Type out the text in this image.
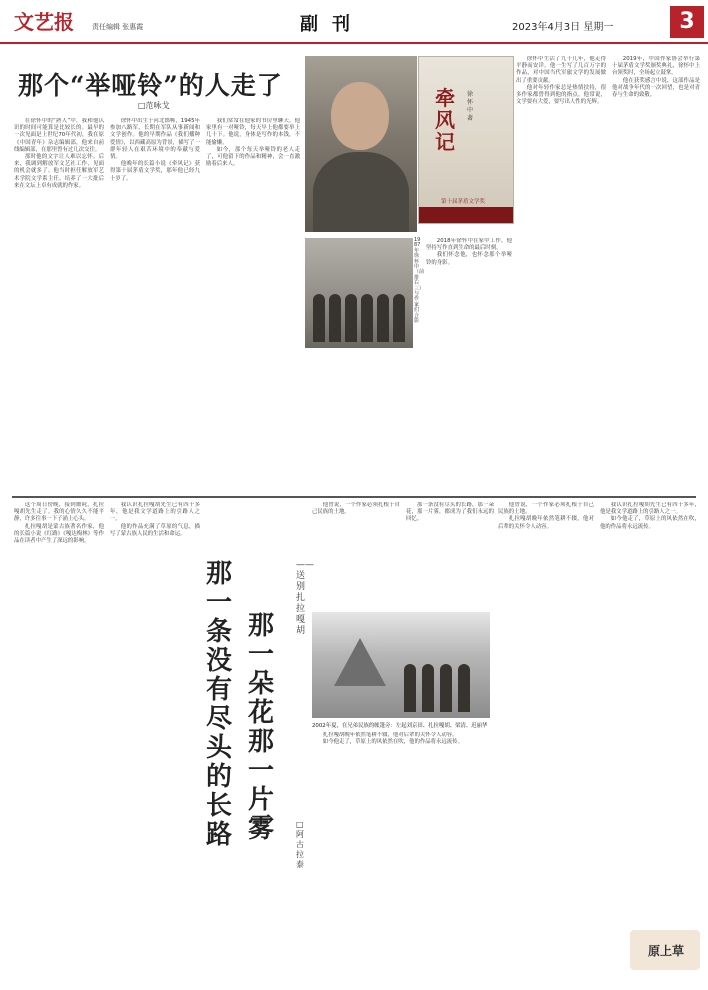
文艺报	责任编辑 张惠霞	副刊	2023年4月3日 星期一	3
那个“举哑铃”的人走了
□范咏戈

在徐怀中的“熟人”中，我和他认识的时间可能算是比较长的。最早的一次见面是上世纪70年代初，我在原《中国青年》杂志编辑部，他来自前线编辑部，在那里曾有过几次交往。

那时他的文字让人难以忘怀。后来，我调到解放军文艺社工作，见面的机会就多了。他当时担任解放军艺术学院文学系主任，培养了一大批后来在文坛上卓有成就的作家。

徐怀中出生于河北邯郸，1945年参加八路军，长期在军队从事新闻和文学创作。他的早期作品《我们播种爱情》，以西藏高原为背景，描写了一群年轻人在艰苦环境中的奉献与爱情。

他晚年的长篇小说《牵风记》获得第十届茅盾文学奖，那年他已经九十岁了。

我们常常在他家的书房里聊天。他家里有一对哑铃，每天早上他都要举上几十下。他说，身体是写作的本钱，不能偷懒。

如今，那个每天举哑铃的老人走了，可他留下的作品和精神，会一直激励着后来人。

徐怀中生活了九十几年，他走得平静而安详。他一生写了几百万字的作品，对中国当代军旅文学的发展做出了重要贡献。

他对年轻作家总是热情扶持，很多作家都曾得到他的指点。他常说，文学要有大爱，要写出人性的光辉。

2019年，中国作家协会举行第十届茅盾文学奖颁奖典礼，徐怀中上台领奖时，全场起立鼓掌。

他在获奖感言中说，这部作品是他对战争年代的一次回望，也是对青春与生命的致敬。

2018年徐怀中在家中工作，他坚持写作直到生命的最后时刻。

我们怀念他，也怀念那个举哑铃的身影。

牵风记
徐怀中 著
第十届茅盾文学奖
1987年徐怀中（前排右三）与作家们合影

这个周日傍晚，接到噩耗，扎拉嘎胡先生走了。我的心情久久不能平静，许多往事一下子涌上心头。

扎拉嘎胡是蒙古族著名作家，他的长篇小说《红路》《嘎达梅林》等作品在读者中产生了深远的影响。

我认识扎拉嘎胡先生已有四十多年，他是我文学道路上的引路人之一。

他的作品充满了草原的气息，描写了蒙古族人民的生活和命运。

那一条没有尽头的长路
那一朵花那一片雾
——送别扎拉嘎胡
□阿古拉泰

他曾说，一个作家必须扎根于自己民族的土地。

那一条没有尽头的长路，那一朵花，那一片雾，都成为了我们永远的回忆。

2002年夏，在兄弟民族的帐篷旁：左起刘京田、扎拉嘎胡、梁清、迟丽华

扎拉嘎胡晚年依然笔耕不辍，他对后辈的关怀令人动容。

如今他走了，草原上的风依然在吹，他的作品将永远流传。

他曾说，一个作家必须扎根于自己民族的土地。

扎拉嘎胡晚年依然笔耕不辍，他对后辈的关怀令人动容。

我认识扎拉嘎胡先生已有四十多年，他是我文学道路上的引路人之一。

如今他走了，草原上的风依然在吹，他的作品将永远流传。

原上草
